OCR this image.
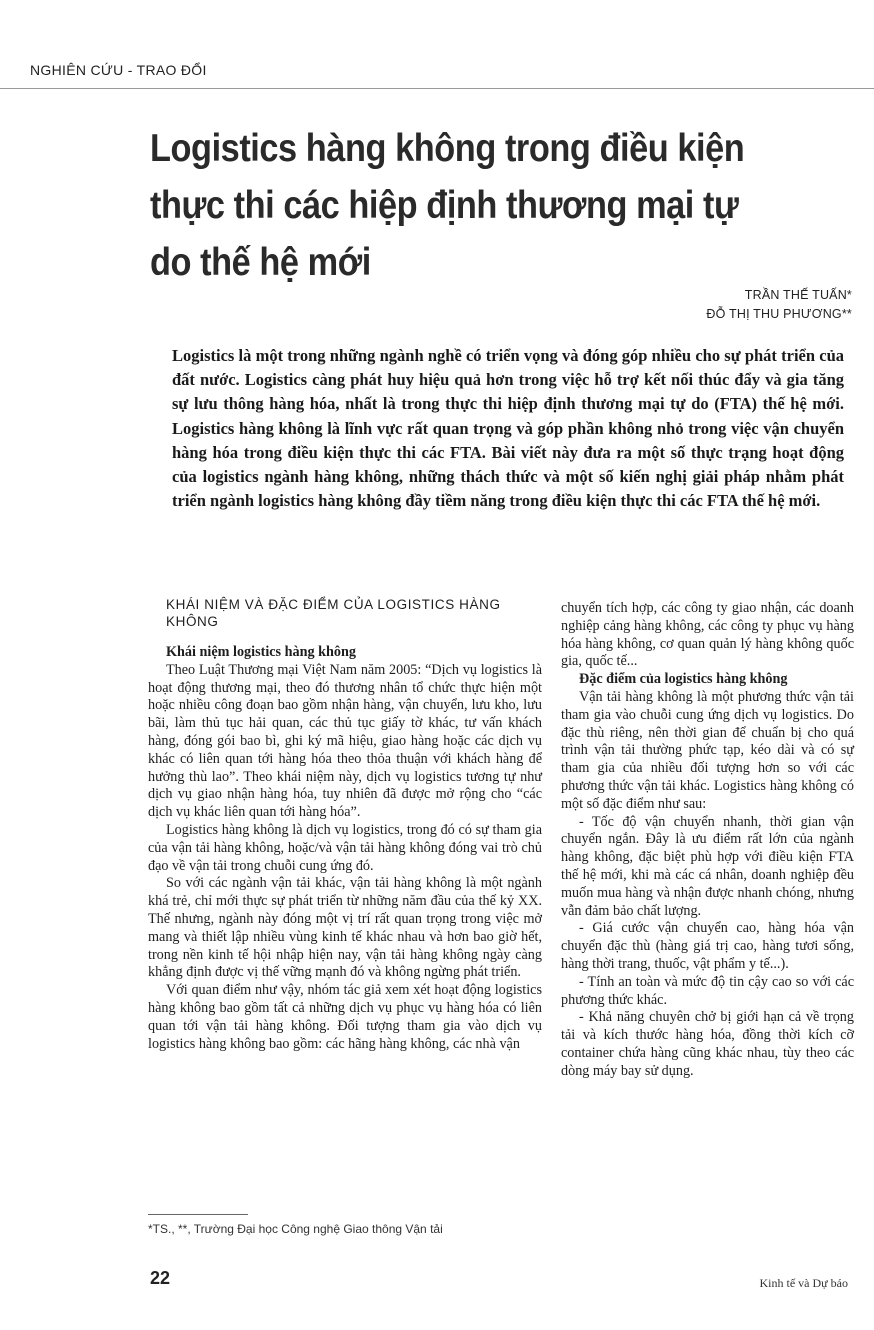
NGHIÊN CỨU - TRAO ĐỔI
Logistics hàng không trong điều kiện thực thi các hiệp định thương mại tự do thế hệ mới
TRẦN THẾ TUẤN*
ĐỖ THỊ THU PHƯƠNG**
Logistics là một trong những ngành nghề có triển vọng và đóng góp nhiều cho sự phát triển của đất nước. Logistics càng phát huy hiệu quả hơn trong việc hỗ trợ kết nối thúc đẩy và gia tăng sự lưu thông hàng hóa, nhất là trong thực thi hiệp định thương mại tự do (FTA) thế hệ mới. Logistics hàng không là lĩnh vực rất quan trọng và góp phần không nhỏ trong việc vận chuyển hàng hóa trong điều kiện thực thi các FTA. Bài viết này đưa ra một số thực trạng hoạt động của logistics ngành hàng không, những thách thức và một số kiến nghị giải pháp nhằm phát triển ngành logistics hàng không đầy tiềm năng trong điều kiện thực thi các FTA thế hệ mới.
KHÁI NIỆM VÀ ĐẶC ĐIỂM CỦA LOGISTICS HÀNG KHÔNG

Khái niệm logistics hàng không

Theo Luật Thương mại Việt Nam năm 2005: “Dịch vụ logistics là hoạt động thương mại, theo đó thương nhân tổ chức thực hiện một hoặc nhiều công đoạn bao gồm nhận hàng, vận chuyển, lưu kho, lưu bãi, làm thủ tục hải quan, các thủ tục giấy tờ khác, tư vấn khách hàng, đóng gói bao bì, ghi ký mã hiệu, giao hàng hoặc các dịch vụ khác có liên quan tới hàng hóa theo thỏa thuận với khách hàng để hưởng thù lao”. Theo khái niệm này, dịch vụ logistics tương tự như dịch vụ giao nhận hàng hóa, tuy nhiên đã được mở rộng cho “các dịch vụ khác liên quan tới hàng hóa”.

Logistics hàng không là dịch vụ logistics, trong đó có sự tham gia của vận tải hàng không, hoặc/và vận tải hàng không đóng vai trò chủ đạo về vận tải trong chuỗi cung ứng đó.

So với các ngành vận tải khác, vận tải hàng không là một ngành khá trẻ, chỉ mới thực sự phát triển từ những năm đầu của thế kỷ XX. Thế nhưng, ngành này đóng một vị trí rất quan trọng trong việc mở mang và thiết lập nhiều vùng kinh tế khác nhau và hơn bao giờ hết, trong nền kinh tế hội nhập hiện nay, vận tải hàng không ngày càng khẳng định được vị thế vững mạnh đó và không ngừng phát triển.

Với quan điểm như vậy, nhóm tác giả xem xét hoạt động logistics hàng không bao gồm tất cả những dịch vụ phục vụ hàng hóa có liên quan tới vận tải hàng không. Đối tượng tham gia vào dịch vụ logistics hàng không bao gồm: các hãng hàng không, các nhà vận

chuyển tích hợp, các công ty giao nhận, các doanh nghiệp cảng hàng không, các công ty phục vụ hàng hóa hàng không, cơ quan quản lý hàng không quốc gia, quốc tế...

Đặc điểm của logistics hàng không

Vận tải hàng không là một phương thức vận tải tham gia vào chuỗi cung ứng dịch vụ logistics. Do đặc thù riêng, nên thời gian để chuẩn bị cho quá trình vận tải thường phức tạp, kéo dài và có sự tham gia của nhiều đối tượng hơn so với các phương thức vận tải khác. Logistics hàng không có một số đặc điểm như sau:

- Tốc độ vận chuyển nhanh, thời gian vận chuyển ngắn. Đây là ưu điểm rất lớn của ngành hàng không, đặc biệt phù hợp với điều kiện FTA thế hệ mới, khi mà các cá nhân, doanh nghiệp đều muốn mua hàng và nhận được nhanh chóng, nhưng vẫn đảm bảo chất lượng.

- Giá cước vận chuyển cao, hàng hóa vận chuyển đặc thù (hàng giá trị cao, hàng tươi sống, hàng thời trang, thuốc, vật phẩm y tế...).

- Tính an toàn và mức độ tin cậy cao so với các phương thức khác.

- Khả năng chuyên chở bị giới hạn cả về trọng tải và kích thước hàng hóa, đồng thời kích cỡ container chứa hàng cũng khác nhau, tùy theo các dòng máy bay sử dụng.

*TS., **, Trường Đại học Công nghệ Giao thông Vận tải
22	Kinh tế và Dự báo
